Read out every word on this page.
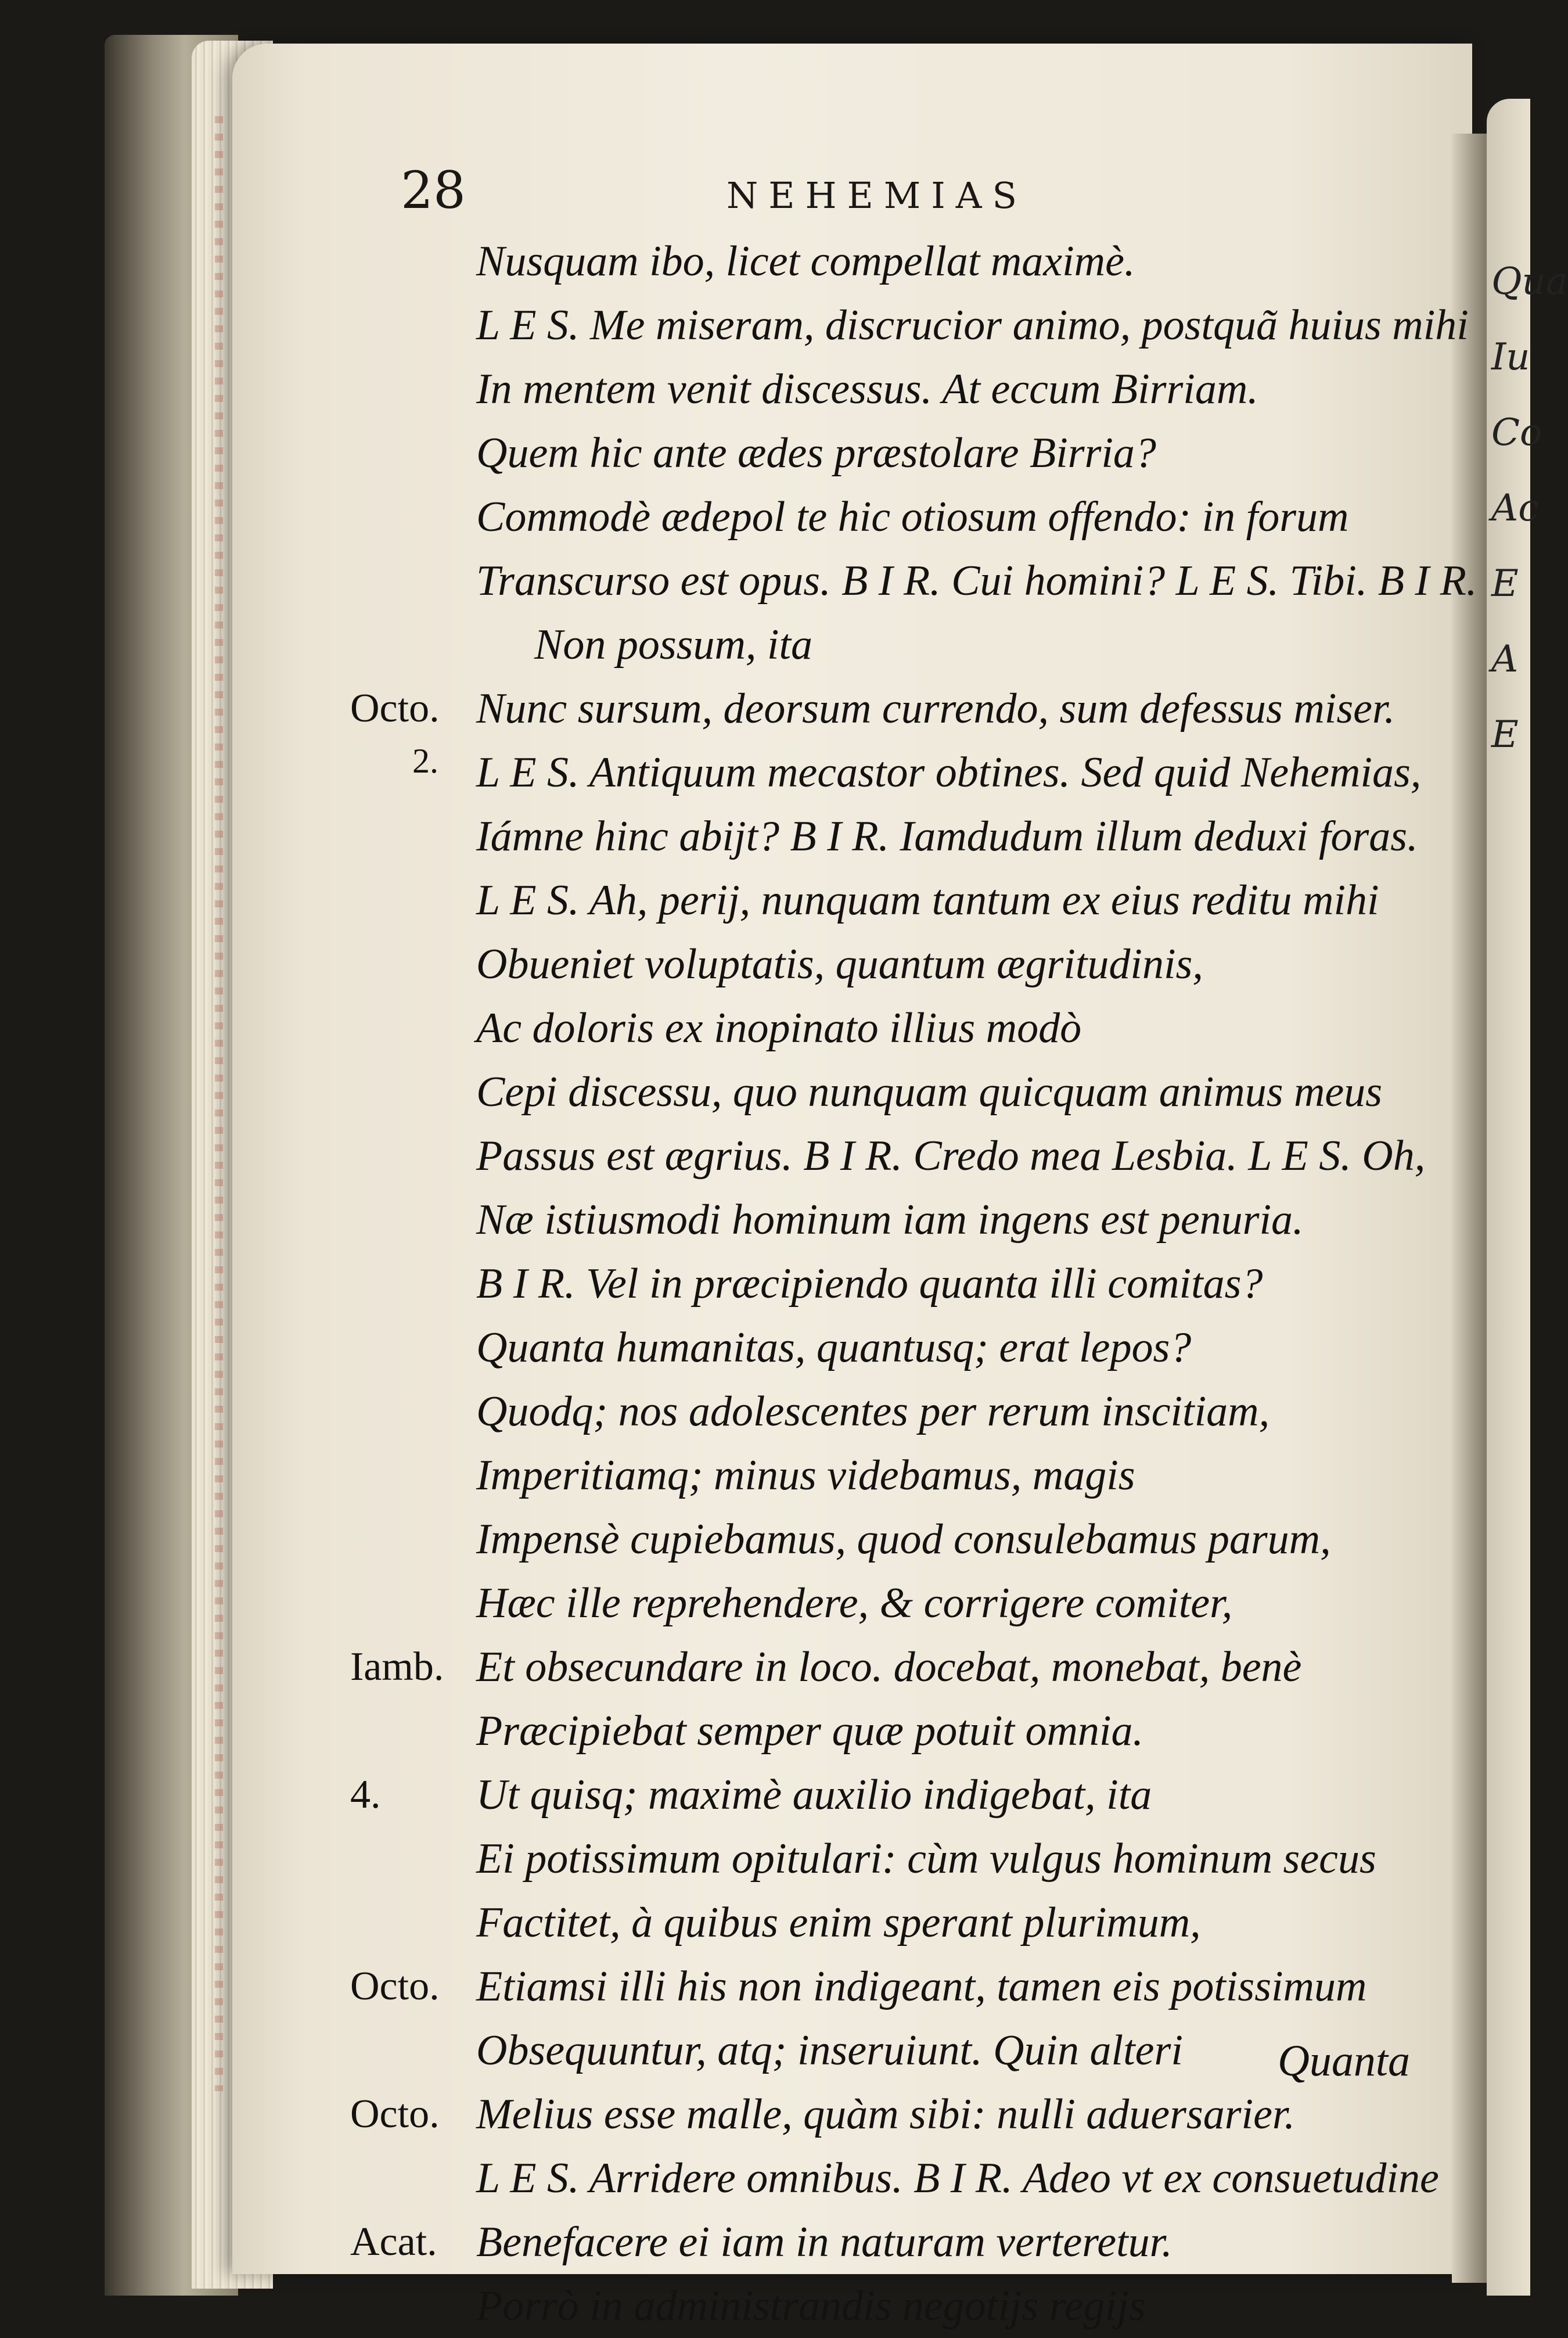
Qua
Iu
Co
Ac
E
A
E
28	NEHEMIAS
Nusquam ibo, licet compellat maximè.
L E S. Me miseram, discrucior animo, postquã huius mihi
In mentem venit discessus. At eccum Birriam.
Quem hic ante ædes præstolare Birria?
Commodè ædepol te hic otiosum offendo: in forum
Transcurso est opus. B I R. Cui homini? L E S. Tibi. B I R.
Non possum, ita
Octo. Nunc sursum, deorsum currendo, sum defessus miser.
2. L E S. Antiquum mecastor obtines. Sed quid Nehemias,
Iámne hinc abijt? B I R. Iamdudum illum deduxi foras.
L E S. Ah, perij, nunquam tantum ex eius reditu mihi
Obueniet voluptatis, quantum ægritudinis,
Ac doloris ex inopinato illius modò
Cepi discessu, quo nunquam quicquam animus meus
Passus est ægrius. B I R. Credo mea Lesbia. L E S. Oh,
Næ istiusmodi hominum iam ingens est penuria.
B I R. Vel in præcipiendo quanta illi comitas?
Quanta humanitas, quantusq; erat lepos?
Quodq; nos adolescentes per rerum inscitiam,
Imperitiamq; minus videbamus, magis
Impensè cupiebamus, quod consulebamus parum,
Hæc ille reprehendere, & corrigere comiter,
Iamb. Et obsecundare in loco. docebat, monebat, benè
Præcipiebat semper quæ potuit omnia.
4.	Ut quisq; maximè auxilio indigebat, ita
Ei potissimum opitulari: cùm vulgus hominum secus
Factitet, à quibus enim sperant plurimum,
Octo. Etiamsi illi his non indigeant, tamen eis potissimum
Obsequuntur, atq; inseruiunt. Quin alteri
Octo. Melius esse malle, quàm sibi: nulli aduersarier.
L E S. Arridere omnibus. B I R. Adeo vt ex consuetudine
Acat. Benefacere ei iam in naturam verteretur.
Porrò in administrandis negotijs regijs
Quanta
